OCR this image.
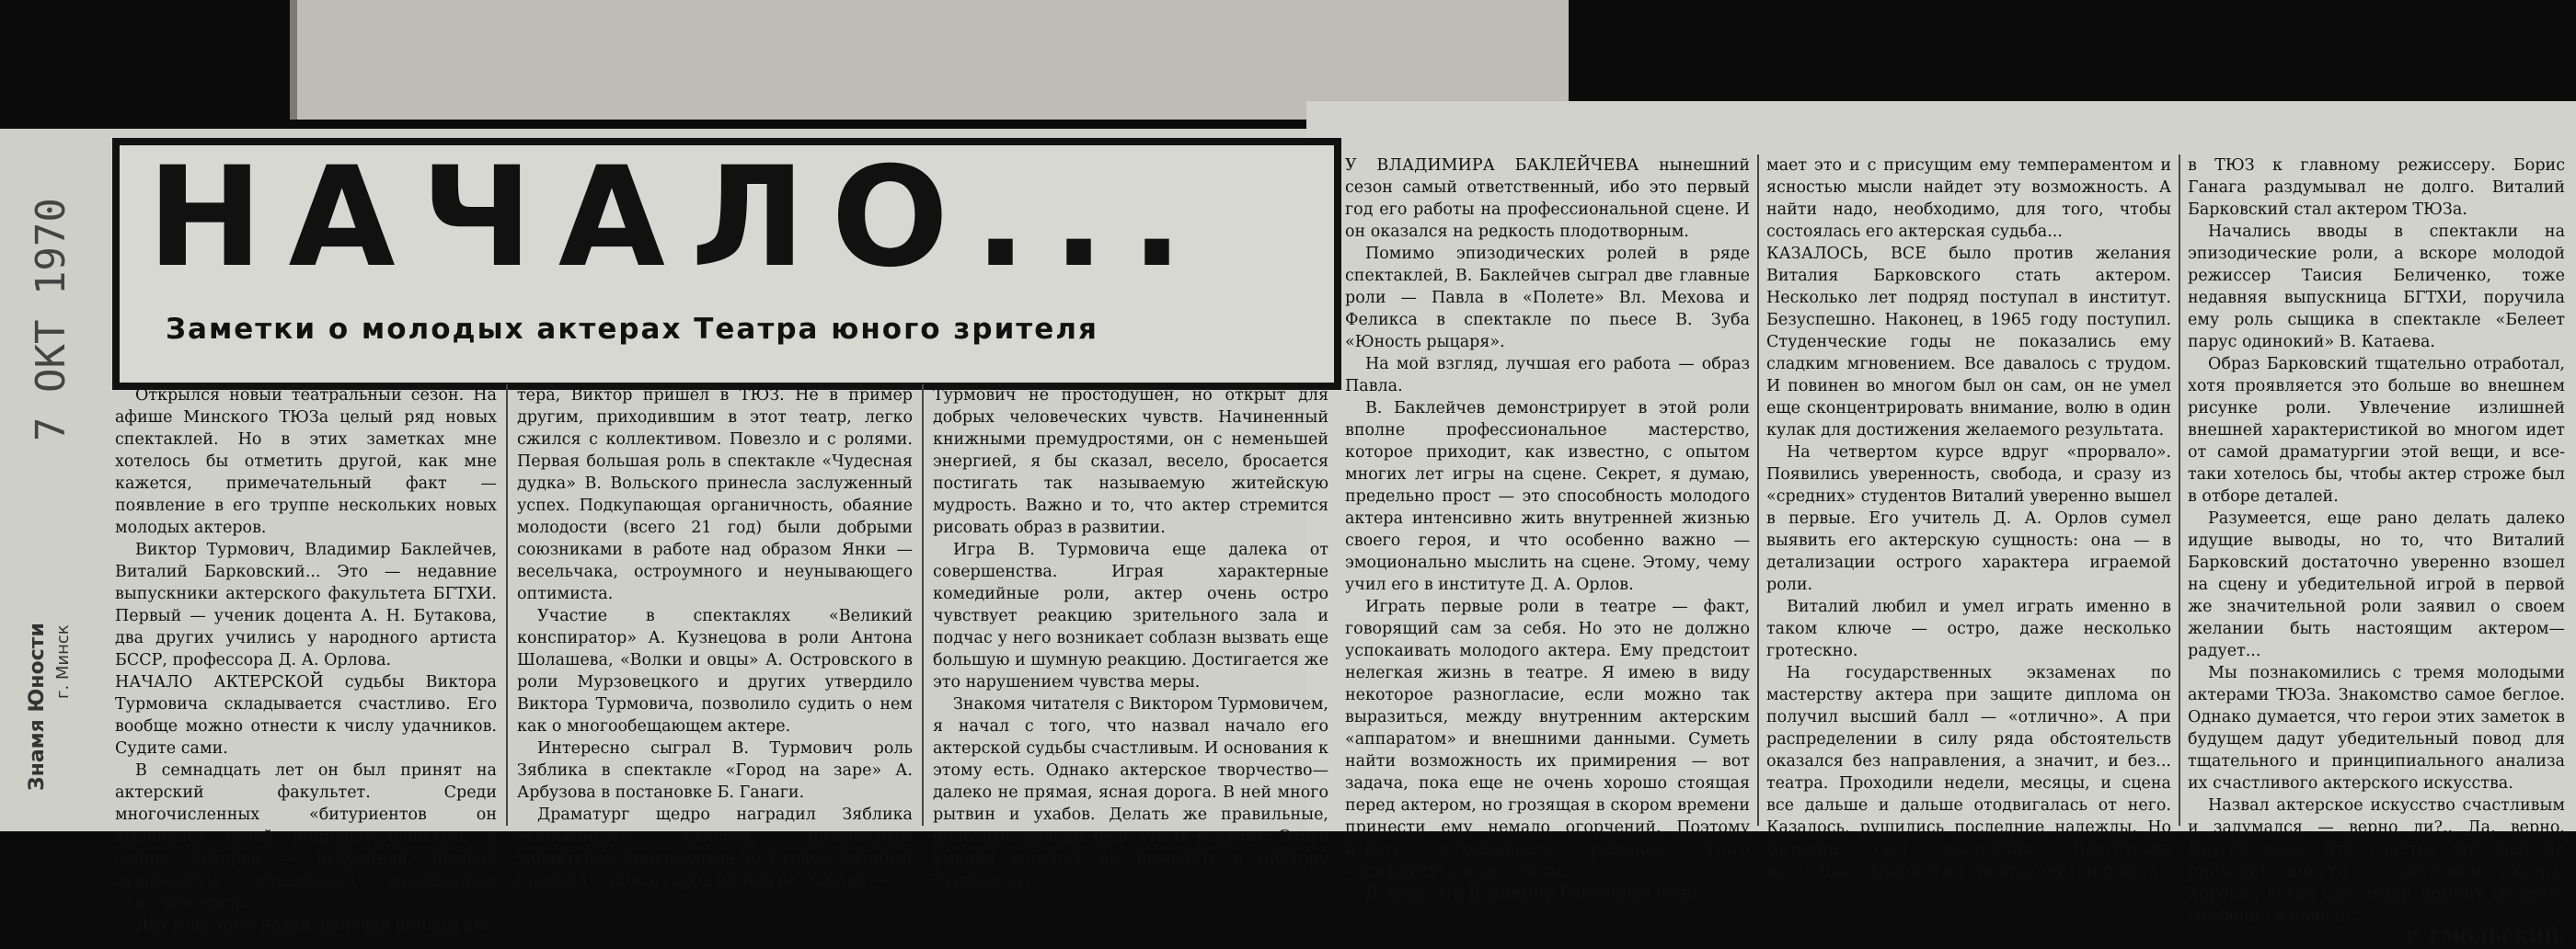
НАЧАЛО...
Заметки о молодых актерах Театра юного зрителя
7 ОКТ 1970
Знамя Юности г. Минск

Открылся новый театральный сезон. На афише Минского ТЮЗа целый ряд новых спектаклей. Но в этих заметках мне хотелось бы отметить другой, как мне кажется, примечательный факт — появление в его труппе нескольких новых молодых актеров.

Виктор Турмович, Владимир Баклейчев, Виталий Барковский... Это — недавние выпускники актерского факультета БГТХИ. Первый — ученик доцента А. Н. Бутакова, два других учились у народного артиста БССР, профессора Д. А. Орлова.

НАЧАЛО АКТЕРСКОЙ судьбы Виктора Турмовича складывается счастливо. Его вообще можно отнести к числу удачников. Судите сами.

В семнадцать лет он был принят на актерский факультет. Среди многочисленных «битуриентов он выделялся своей индивидуальностью, в основе которой — искренняя, щедрая душевность, окрашенная врожденным чувством юмора.

Два года тому назад, получив диплом ак-

тера, Виктор пришел в ТЮЗ. Не в пример другим, приходившим в этот театр, легко сжился с коллективом. Повезло и с ролями. Первая большая роль в спектакле «Чудесная дудка» В. Вольского принесла заслуженный успех. Подкупающая органичность, обаяние молодости (всего 21 год) были добрыми союзниками в работе над образом Янки — весельчака, остроумного и неунывающего оптимиста.

Участие в спектаклях «Великий конспиратор» А. Кузнецова в роли Антона Шолашева, «Волки и овцы» А. Островского в роли Мурзовецкого и других утвердило Виктора Турмовича, позволило судить о нем как о многообещающем актере.

Интересно сыграл В. Турмович роль Зяблика в спектакле «Город на заре» А. Арбузова в постановке Б. Ганаги.

Драматург щедро наградил Зяблика «серьезным» юмором, интересным характером комсомольца 30-х годов, который приехал строить город на Амуре. Зяблик —

Турмович не простодушен, но открыт для добрых человеческих чувств. Начиненный книжными премудростями, он с неменьшей энергией, я бы сказал, весело, бросается постигать так называемую житейскую мудрость. Важно и то, что актер стремится рисовать образ в развитии.

Игра В. Турмовича еще далека от совершенства. Играя характерные комедийные роли, актер очень остро чувствует реакцию зрительного зала и подчас у него возникает соблазн вызвать еще большую и шумную реакцию. Достигается же это нарушением чувства меры.

Знакомя читателя с Виктором Турмовичем, я начал с того, что назвал начало его актерской судьбы счастливым. И основания к этому есть. Однако актерское творчество— далеко не прямая, ясная дорога. В ней много рытвин и ухабов. Делать же правильные, полезные выводы надо уметь всякому. Этого умения хотелось бы пожелать и Виктору Турмовичу.

У ВЛАДИМИРА БАКЛЕЙЧЕВА нынешний сезон самый ответственный, ибо это первый год его работы на профессиональной сцене. И он оказался на редкость плодотворным.

Помимо эпизодических ролей в ряде спектаклей, В. Баклейчев сыграл две главные роли — Павла в «Полете» Вл. Мехова и Феликса в спектакле по пьесе В. Зуба «Юность рыцаря».

На мой взгляд, лучшая его работа — образ Павла.

В. Баклейчев демонстрирует в этой роли вполне профессиональное мастерство, которое приходит, как известно, с опытом многих лет игры на сцене. Секрет, я думаю, предельно прост — это способность молодого актера интенсивно жить внутренней жизнью своего героя, и что особенно важно — эмоционально мыслить на сцене. Этому, чему учил его в институте Д. А. Орлов.

Играть первые роли в театре — факт, говорящий сам за себя. Но это не должно успокаивать молодого актера. Ему предстоит нелегкая жизнь в театре. Я имею в виду некоторое разногласие, если можно так выразиться, между внутренним актерским «аппаратом» и внешними данными. Суметь найти возможность их примирения — вот задача, пока еще не очень хорошо стоящая перед актером, но грозящая в скором времени принести ему немало огорчений. Поэтому искать возможность решения этого «конфликта» надо сейчас.

Думаю, что Владимир Баклейчев пони-

мает это и с присущим ему темпераментом и ясностью мысли найдет эту возможность. А найти надо, необходимо, для того, чтобы состоялась его актерская судьба...

КАЗАЛОСЬ, ВСЕ было против желания Виталия Барковского стать актером. Несколько лет подряд поступал в институт. Безуспешно. Наконец, в 1965 году поступил. Студенческие годы не показались ему сладким мгновением. Все давалось с трудом. И повинен во многом был он сам, он не умел еще сконцентрировать внимание, волю в один кулак для достижения желаемого результата.

На четвертом курсе вдруг «прорвало». Появились уверенность, свобода, и сразу из «средних» студентов Виталий уверенно вышел в первые. Его учитель Д. А. Орлов сумел выявить его актерскую сущность: она — в детализации острого характера играемой роли.

Виталий любил и умел играть именно в таком ключе — остро, даже несколько гротескно.

На государственных экзаменах по мастерству актера при защите диплома он получил высший балл — «отлично». А при распределении в силу ряда обстоятельств оказался без направления, а значит, и без... театра. Проходили недели, месяцы, и сцена все дальше и дальше отодвигалась от него. Казалось, рушились последние надежды. Но Виталий был настойчив. Подготовив несколько отрывков из спектаклей, он пошел

в ТЮЗ к главному режиссеру. Борис Ганага раздумывал не долго. Виталий Барковский стал актером ТЮЗа.

Начались вводы в спектакли на эпизодические роли, а вскоре молодой режиссер Таисия Беличенко, тоже недавняя выпускница БГТХИ, поручила ему роль сыщика в спектакле «Белеет парус одинокий» В. Катаева.

Образ Барковский тщательно отработал, хотя проявляется это больше во внешнем рисунке роли. Увлечение излишней внешней характеристикой во многом идет от самой драматургии этой вещи, и все-таки хотелось бы, чтобы актер строже был в отборе деталей.

Разумеется, еще рано делать далеко идущие выводы, но то, что Виталий Барковский достаточно уверенно взошел на сцену и убедительной игрой в первой же значительной роли заявил о своем желании быть настоящим актером— радует...

Мы познакомились с тремя молодыми актерами ТЮЗа. Знакомство самое беглое. Однако думается, что герои этих заметок в будущем дадут убедительный повод для тщательного и принципиального анализа их счастливого актерского искусства.

Назвал актерское искусство счастливым и задумался — верно ли?.. Да, верно. Другое дело, что счастье это еще не приходит вместе с дипломом актера. Хорошо, когда сам актер помнит об этом. Особенно в начале...

Р. СМОЛЬСКИЙ.
